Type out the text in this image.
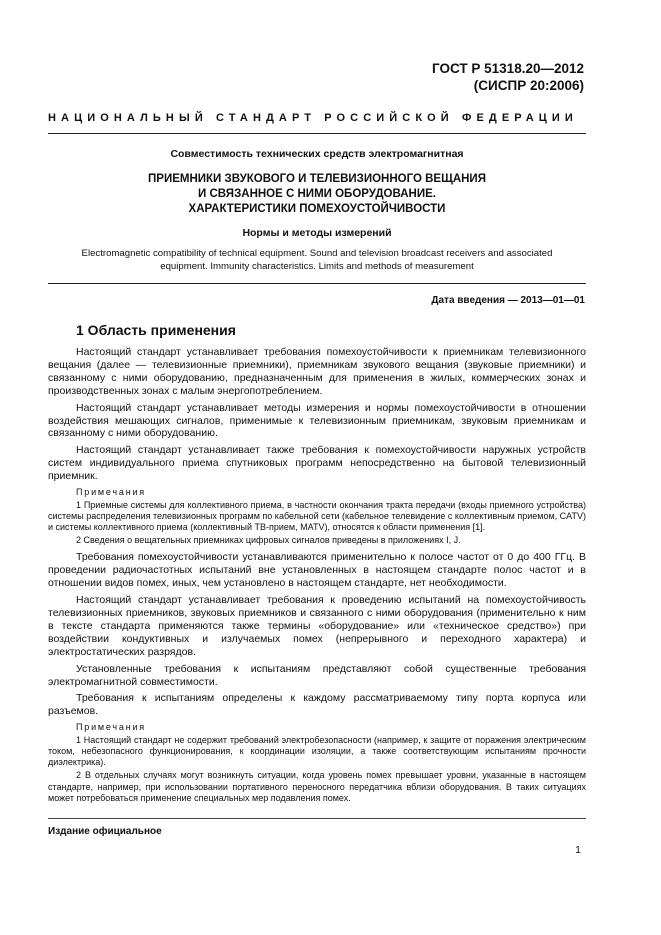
ГОСТ Р 51318.20—2012
(СИСПР 20:2006)
НАЦИОНАЛЬНЫЙ СТАНДАРТ РОССИЙСКОЙ ФЕДЕРАЦИИ
Совместимость технических средств электромагнитная
ПРИЕМНИКИ ЗВУКОВОГО И ТЕЛЕВИЗИОННОГО ВЕЩАНИЯ
И СВЯЗАННОЕ С НИМИ ОБОРУДОВАНИЕ.
ХАРАКТЕРИСТИКИ ПОМЕХОУСТОЙЧИВОСТИ
Нормы и методы измерений
Electromagnetic compatibility of technical equipment. Sound and television broadcast receivers and associated
equipment. Immunity characteristics. Limits and methods of measurement
Дата введения — 2013—01—01
1 Область применения

Настоящий стандарт устанавливает требования помехоустойчивости к приемникам телевизионного вещания (далее — телевизионные приемники), приемникам звукового вещания (звуковые приемники) и связанному с ними оборудованию, предназначенным для применения в жилых, коммерческих зонах и производственных зонах с малым энергопотреблением.

Настоящий стандарт устанавливает методы измерения и нормы помехоустойчивости в отношении воздействия мешающих сигналов, применимые к телевизионным приемникам, звуковым приемникам и связанному с ними оборудованию.

Настоящий стандарт устанавливает также требования к помехоустойчивости наружных устройств систем индивидуального приема спутниковых программ непосредственно на бытовой телевизионный приемник.

Примечания

1 Приемные системы для коллективного приема, в частности окончания тракта передачи (входы приемного устройства) системы распределения телевизионных программ по кабельной сети (кабельное телевидение с коллективным приемом, CATV) и системы коллективного приема (коллективный ТВ-прием, MATV), относятся к области применения [1].

2 Сведения о вещательных приемниках цифровых сигналов приведены в приложениях I, J.

Требования помехоустойчивости устанавливаются применительно к полосе частот от 0 до 400 ГГц. В проведении радиочастотных испытаний вне установленных в настоящем стандарте полос частот и в отношении видов помех, иных, чем установлено в настоящем стандарте, нет необходимости.

Настоящий стандарт устанавливает требования к проведению испытаний на помехоустойчивость телевизионных приемников, звуковых приемников и связанного с ними оборудования (применительно к ним в тексте стандарта применяются также термины «оборудование» или «техническое средство») при воздействии кондуктивных и излучаемых помех (непрерывного и переходного характера) и электростатических разрядов.

Установленные требования к испытаниям представляют собой существенные требования электромагнитной совместимости.

Требования к испытаниям определены к каждому рассматриваемому типу порта корпуса или разъемов.

Примечания

1 Настоящий стандарт не содержит требований электробезопасности (например, к защите от поражения электрическим током, небезопасного функционирования, к координации изоляции, а также соответствующим испытаниям прочности диэлектрика).

2 В отдельных случаях могут возникнуть ситуации, когда уровень помех превышает уровни, указанные в настоящем стандарте, например, при использовании портативного переносного передатчика вблизи оборудования. В таких ситуациях может потребоваться применение специальных мер подавления помех.

Издание официальное
1
